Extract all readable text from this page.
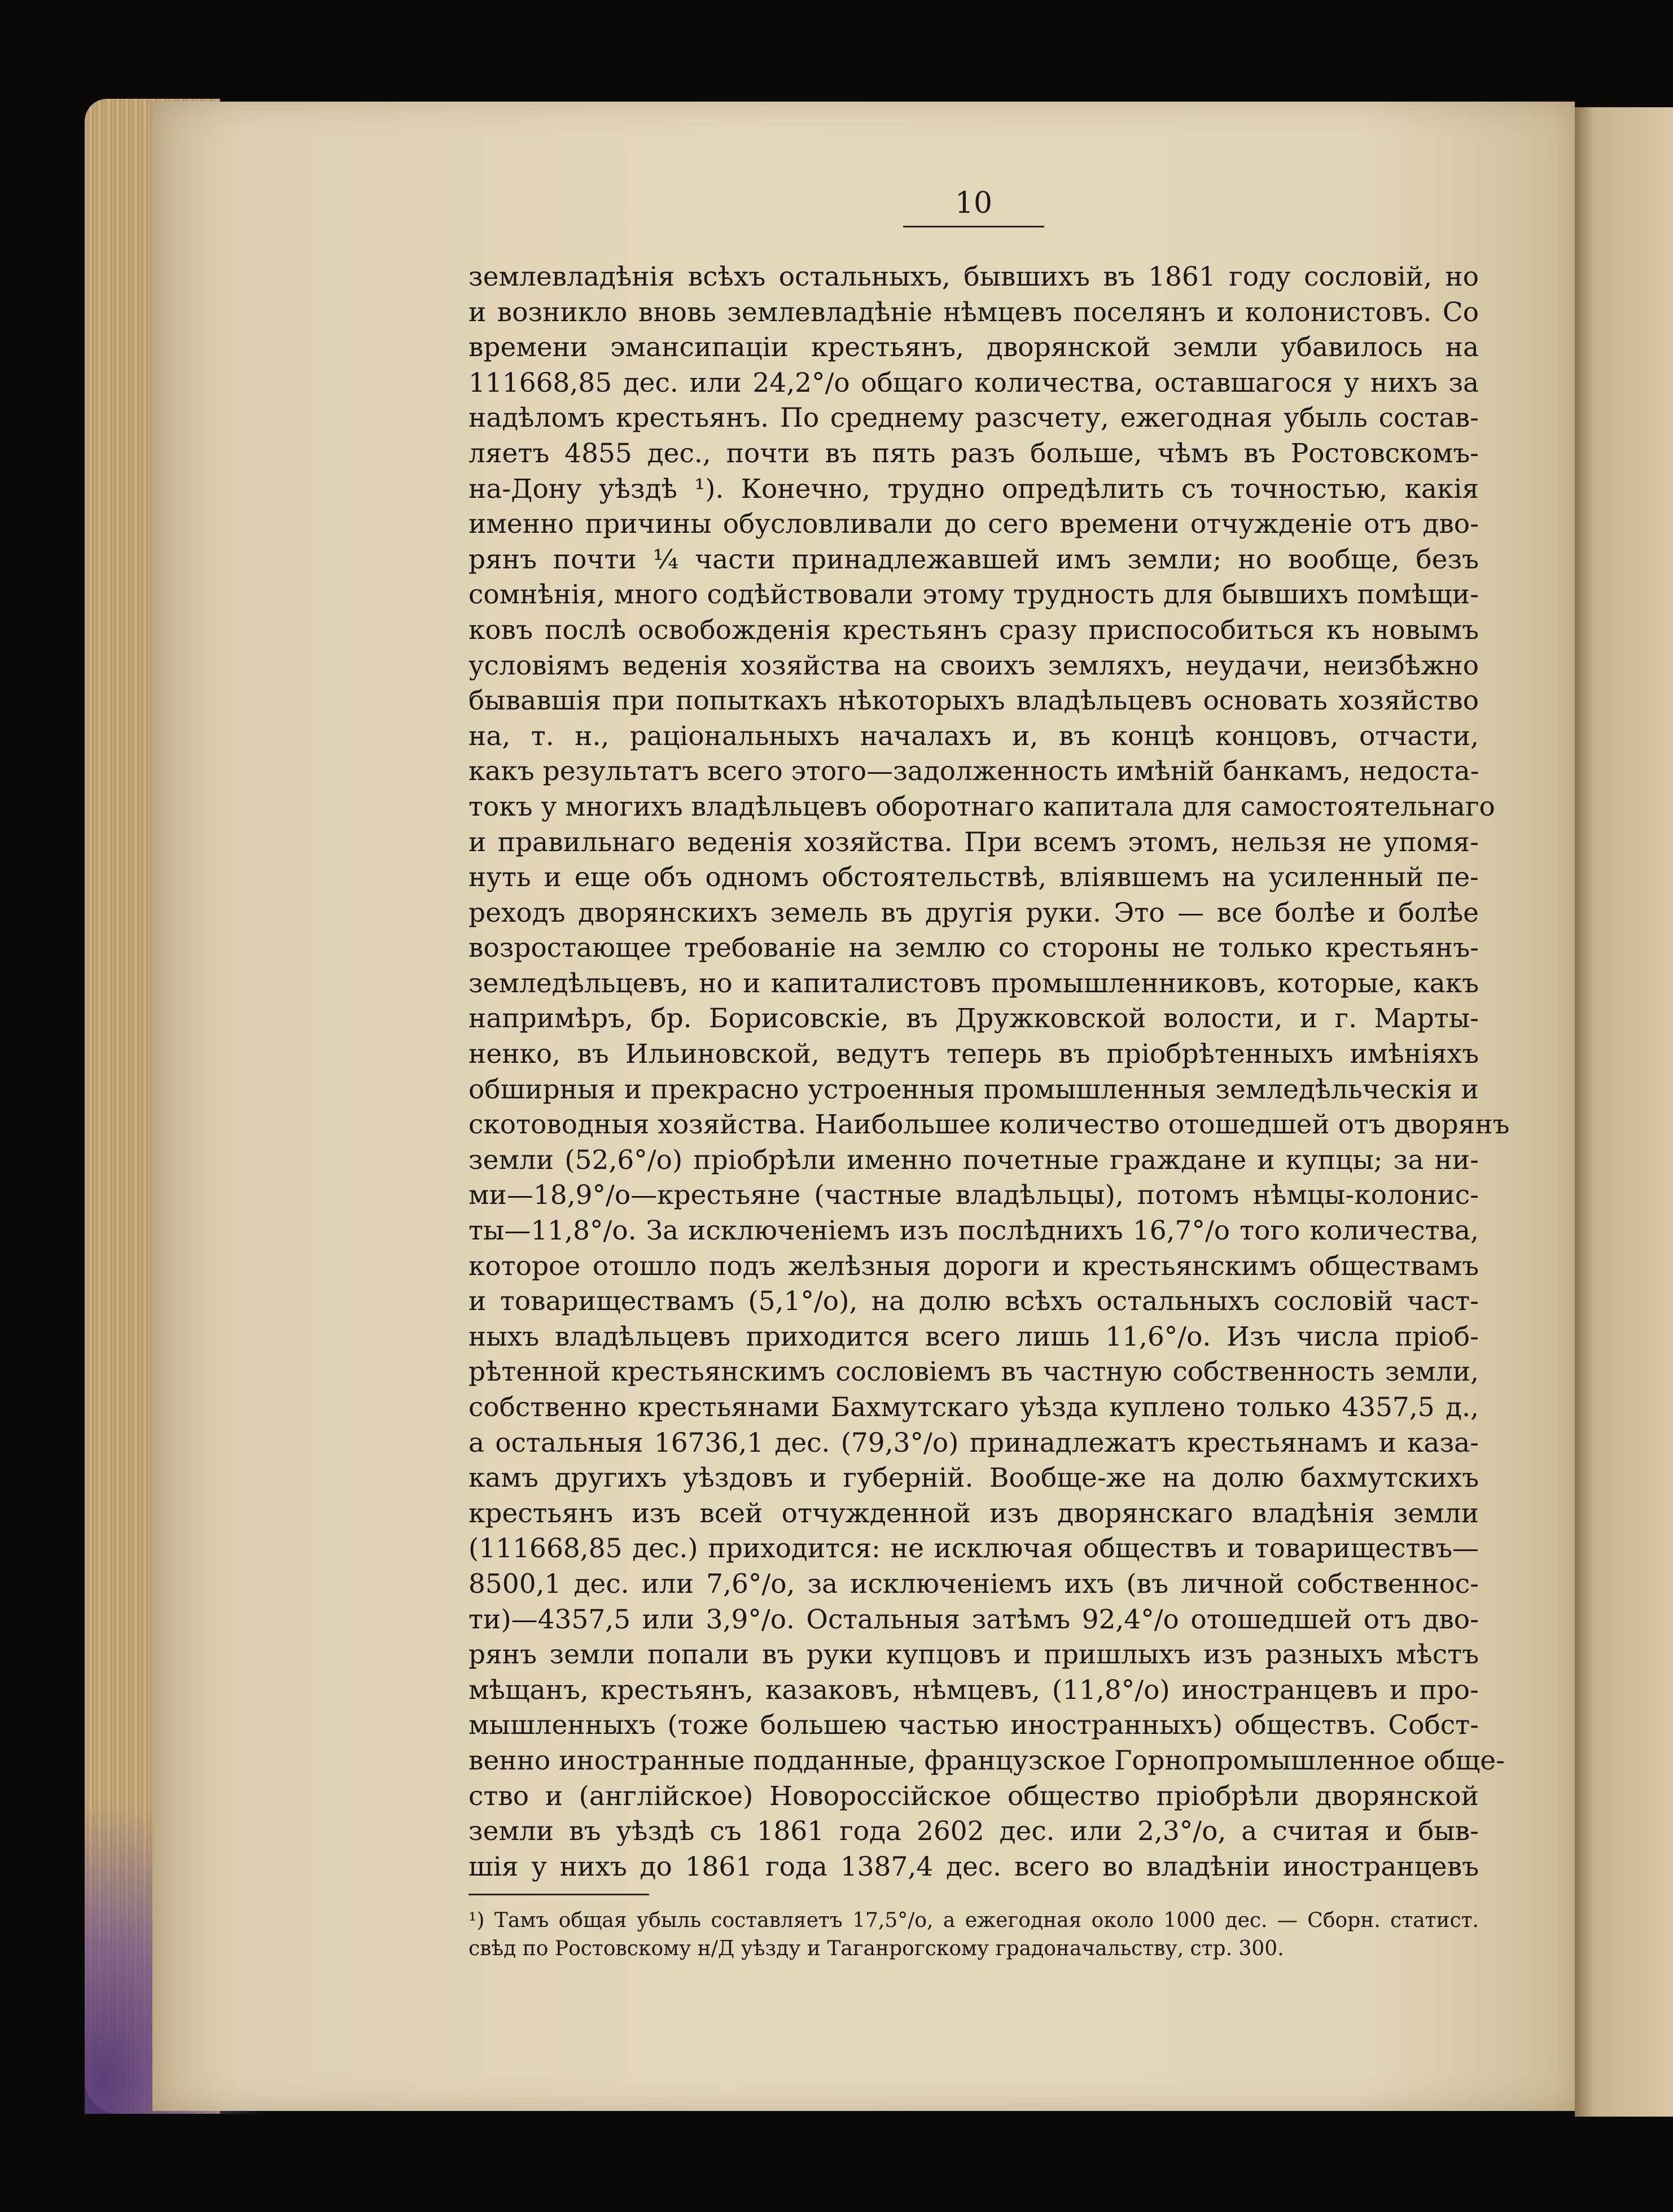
10
землевладѣнія всѣхъ остальныхъ, бывшихъ въ 1861 году сословій, но
и возникло вновь землевладѣніе нѣмцевъ поселянъ и колонистовъ. Со
времени эмансипаціи крестьянъ, дворянской земли убавилось на
111668,85 дес. или 24,2°/о общаго количества, оставшагося у нихъ за
надѣломъ крестьянъ. По среднему разсчету, ежегодная убыль состав-
ляетъ 4855 дес., почти въ пять разъ больше, чѣмъ въ Ростовскомъ-
на-Дону уѣздѣ ¹). Конечно, трудно опредѣлить съ точностью, какія
именно причины обусловливали до сего времени отчужденіе отъ дво-
рянъ почти ¼ части принадлежавшей имъ земли; но вообще, безъ
сомнѣнія, много содѣйствовали этому трудность для бывшихъ помѣщи-
ковъ послѣ освобожденія крестьянъ сразу приспособиться къ новымъ
условіямъ веденія хозяйства на своихъ земляхъ, неудачи, неизбѣжно
бывавшія при попыткахъ нѣкоторыхъ владѣльцевъ основать хозяйство
на, т. н., раціональныхъ началахъ и, въ концѣ концовъ, отчасти,
какъ результатъ всего этого—задолженность имѣній банкамъ, недоста-
токъ у многихъ владѣльцевъ оборотнаго капитала для самостоятельнаго
и правильнаго веденія хозяйства. При всемъ этомъ, нельзя не упомя-
нуть и еще объ одномъ обстоятельствѣ, вліявшемъ на усиленный пе-
реходъ дворянскихъ земель въ другія руки. Это — все болѣе и болѣе
возростающее требованіе на землю со стороны не только крестьянъ-
земледѣльцевъ, но и капиталистовъ промышленниковъ, которые, какъ
напримѣръ, бр. Борисовскіе, въ Дружковской волости, и г. Марты-
ненко, въ Ильиновской, ведутъ теперь въ пріобрѣтенныхъ имѣніяхъ
обширныя и прекрасно устроенныя промышленныя земледѣльческія и
скотоводныя хозяйства. Наибольшее количество отошедшей отъ дворянъ
земли (52,6°/о) пріобрѣли именно почетные граждане и купцы; за ни-
ми—18,9°/о—крестьяне (частные владѣльцы), потомъ нѣмцы-колонис-
ты—11,8°/о. За исключеніемъ изъ послѣднихъ 16,7°/о того количества,
которое отошло подъ желѣзныя дороги и крестьянскимъ обществамъ
и товариществамъ (5,1°/о), на долю всѣхъ остальныхъ сословій част-
ныхъ владѣльцевъ приходится всего лишь 11,6°/о. Изъ числа пріоб-
рѣтенной крестьянскимъ сословіемъ въ частную собственность земли,
собственно крестьянами Бахмутскаго уѣзда куплено только 4357,5 д.,
а остальныя 16736,1 дес. (79,3°/о) принадлежатъ крестьянамъ и каза-
камъ другихъ уѣздовъ и губерній. Вообще-же на долю бахмутскихъ
крестьянъ изъ всей отчужденной изъ дворянскаго владѣнія земли
(111668,85 дес.) приходится: не исключая обществъ и товариществъ—
8500,1 дес. или 7,6°/о, за исключеніемъ ихъ (въ личной собственнос-
ти)—4357,5 или 3,9°/о. Остальныя затѣмъ 92,4°/о отошедшей отъ дво-
рянъ земли попали въ руки купцовъ и пришлыхъ изъ разныхъ мѣстъ
мѣщанъ, крестьянъ, казаковъ, нѣмцевъ, (11,8°/о) иностранцевъ и про-
мышленныхъ (тоже большею частью иностранныхъ) обществъ. Собст-
венно иностранные подданные, французское Горнопромышленное обще-
ство и (англійское) Новороссійское общество пріобрѣли дворянской
земли въ уѣздѣ съ 1861 года 2602 дес. или 2,3°/о, а считая и быв-
шія у нихъ до 1861 года 1387,4 дес. всего во владѣніи иностранцевъ
¹) Тамъ общая убыль составляетъ 17,5°/о, а ежегодная около 1000 дес. — Сборн. статист.
свѣд по Ростовскому н/Д уѣзду и Таганрогскому градоначальству, стр. 300.
